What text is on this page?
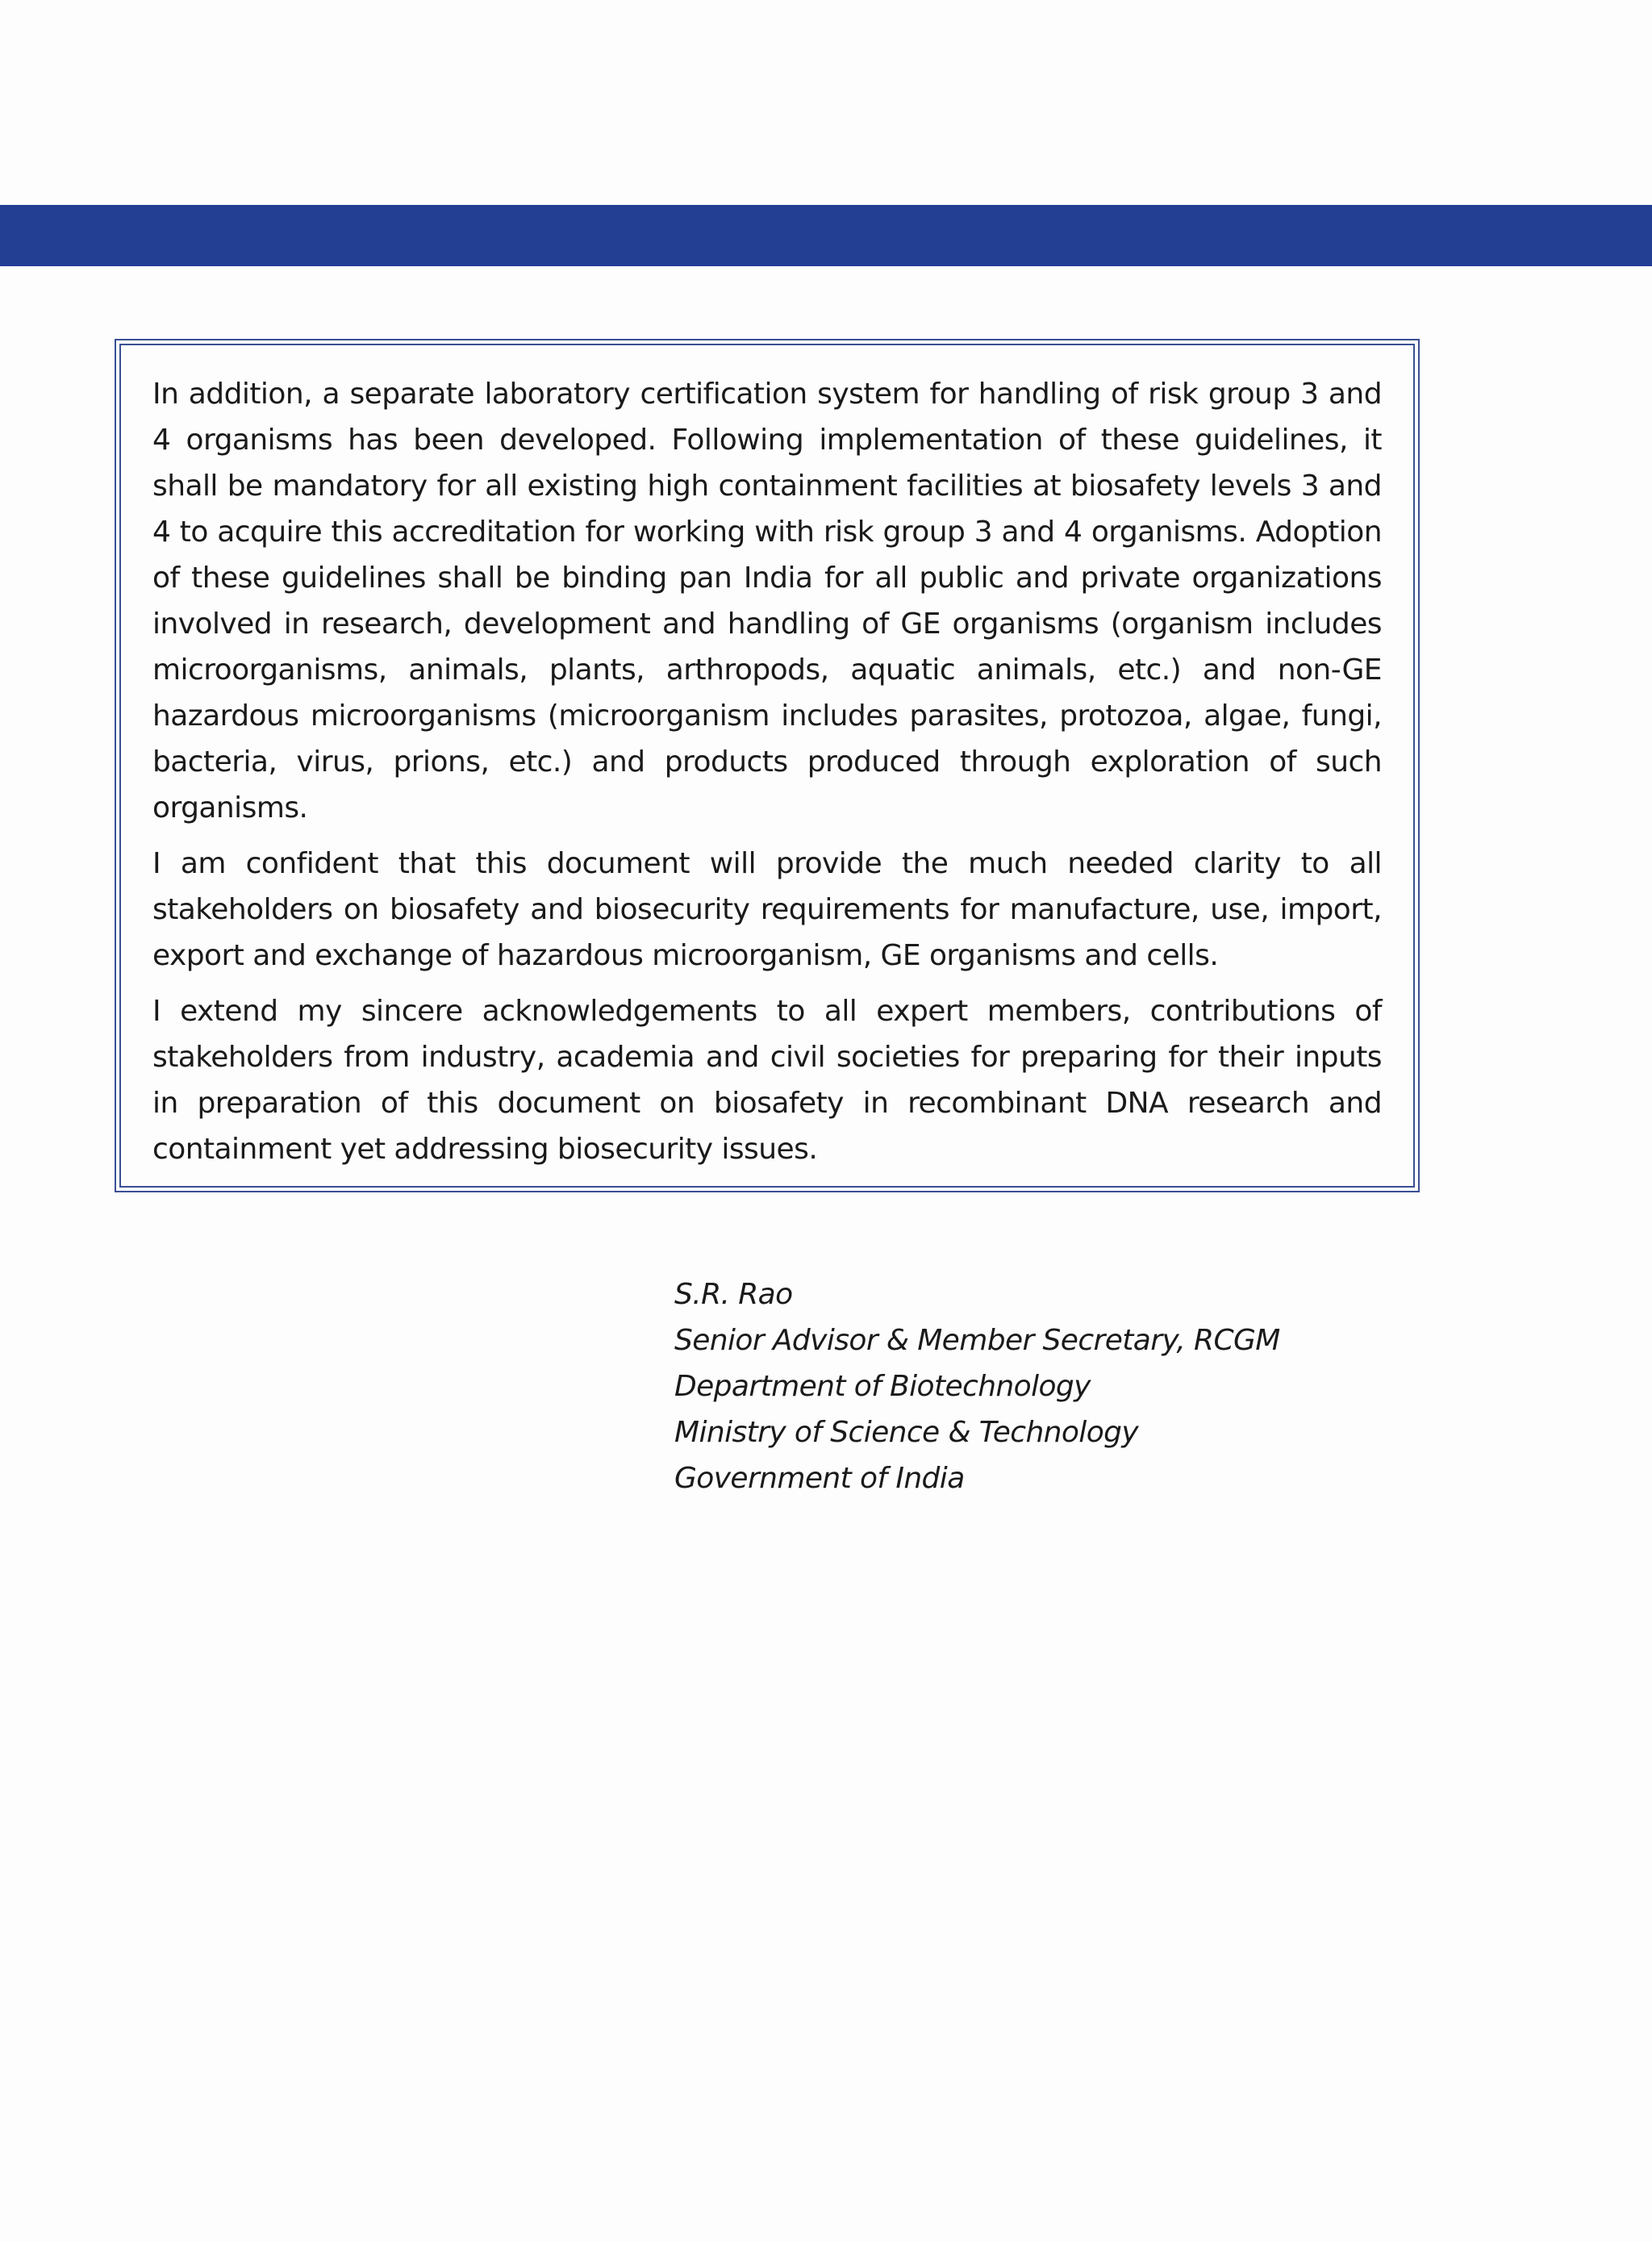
In addition, a separate laboratory certification system for handling of risk group 3 and 4 organisms has been developed. Following implementation of these guidelines, it shall be mandatory for all existing high containment facilities at biosafety levels 3 and 4 to acquire this accreditation for working with risk group 3 and 4 organisms. Adoption of these guidelines shall be binding pan India for all public and private organizations involved in research, development and handling of GE organisms (organism includes microorganisms, animals, plants, arthropods, aquatic animals, etc.) and non-GE hazardous microorganisms (microorganism includes parasites, protozoa, algae, fungi, bacteria, virus, prions, etc.) and products produced through exploration of such organisms.

I am confident that this document will provide the much needed clarity to all stakeholders on biosafety and biosecurity requirements for manufacture, use, import, export and exchange of hazardous microorganism, GE organisms and cells.

I extend my sincere acknowledgements to all expert members, contributions of stakeholders from industry, academia and civil societies for preparing for their inputs in preparation of this document on biosafety in recombinant DNA research and containment yet addressing biosecurity issues.

S.R. Rao
Senior Advisor & Member Secretary, RCGM
Department of Biotechnology
Ministry of Science & Technology
Government of India
